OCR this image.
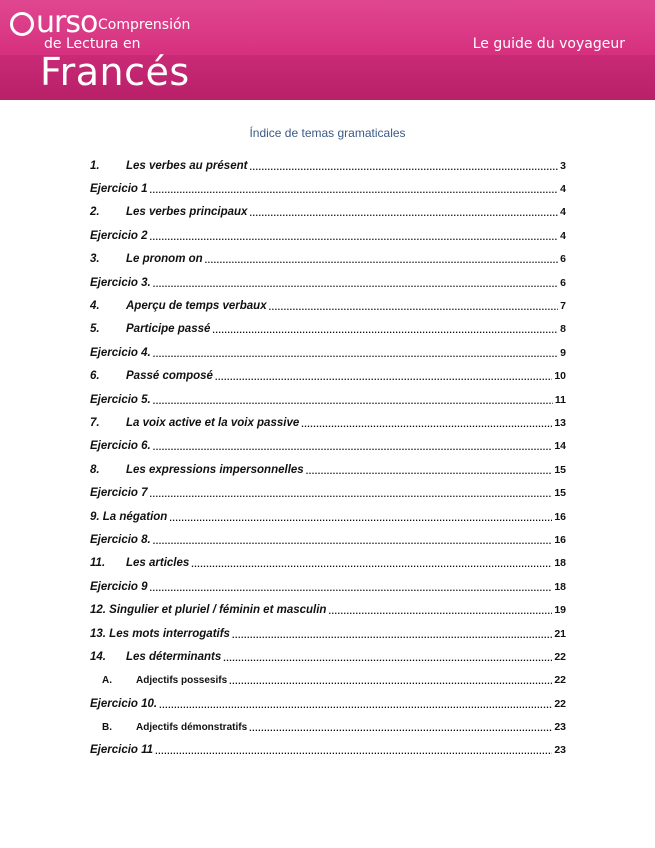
urso Comprensión
de Lectura en
Francés
Le guide du voyageur
Índice de temas gramaticales
1.	Les verbes au présent .....	3
Ejercicio 1 .....	4
2.	Les verbes principaux .....	4
Ejercicio 2 .....	4
3.	Le pronom on .....	6
Ejercicio 3. .....	6
4.	Aperçu de temps verbaux .....	7
5.	Participe passé .....	8
Ejercicio 4. .....	9
6.	Passé composé .....	10
Ejercicio 5. .....	11
7.	La voix active et la voix passive .....	13
Ejercicio 6. .....	14
8.	Les expressions impersonnelles .....	15
Ejercicio 7 .....	15
9. La négation .....	16
Ejercicio 8. .....	16
11.	Les articles .....	18
Ejercicio 9 .....	18
12. Singulier et pluriel / féminin et masculin .....	19
13. Les mots interrogatifs .....	21
14.	Les déterminants .....	22
A.	Adjectifs possesifs .....	22
Ejercicio 10. .....	22
B.	Adjectifs démonstratifs .....	23
Ejercicio 11 .....	23
